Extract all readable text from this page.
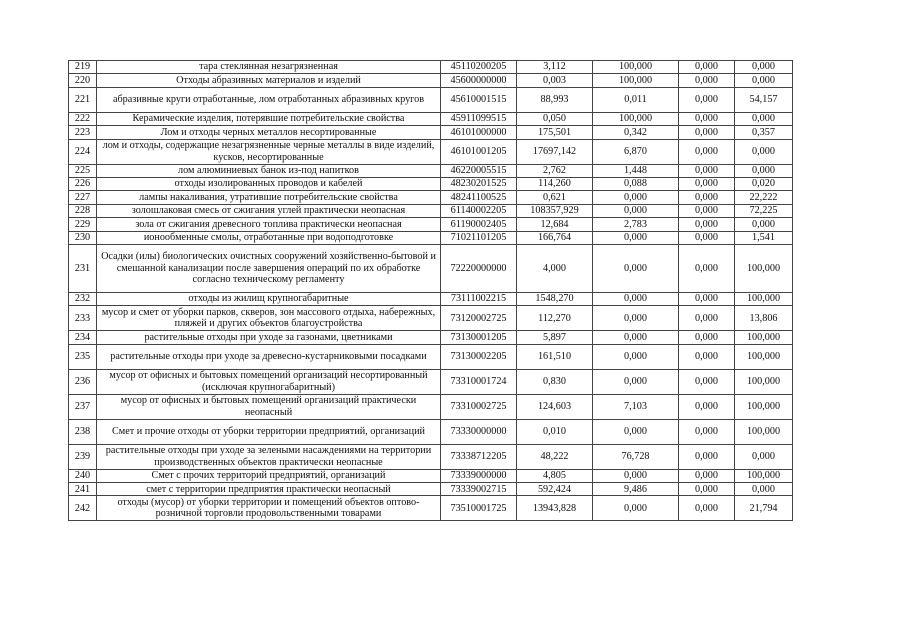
219	тара стеклянная незагрязненная	45110200205	3,112	100,000	0,000	0,000
220	Отходы абразивных материалов и изделий	45600000000	0,003	100,000	0,000	0,000
221	абразивные круги отработанные, лом отработанных абразивных кругов	45610001515	88,993	0,011	0,000	54,157
222	Керамические изделия, потерявшие потребительские свойства	45911099515	0,050	100,000	0,000	0,000
223	Лом и отходы черных металлов несортированные	46101000000	175,501	0,342	0,000	0,357
224	лом и отходы, содержащие незагрязненные черные металлы в виде изделий, кусков, несортированные	46101001205	17697,142	6,870	0,000	0,000
225	лом алюминиевых банок из-под напитков	46220005515	2,762	1,448	0,000	0,000
226	отходы изолированных проводов и кабелей	48230201525	114,260	0,088	0,000	0,020
227	лампы накаливания, утратившие потребительские свойства	48241100525	0,621	0,000	0,000	22,222
228	золошлаковая смесь от сжигания углей практически неопасная	61140002205	108357,929	0,000	0,000	72,225
229	зола от сжигания древесного топлива практически неопасная	61190002405	12,684	2,783	0,000	0,000
230	ионообменные смолы, отработанные при водоподготовке	71021101205	166,764	0,000	0,000	1,541
231	Осадки (илы) биологических очистных сооружений хозяйственно-бытовой и смешанной канализации после завершения операций по их обработке согласно техническому регламенту	72220000000	4,000	0,000	0,000	100,000
232	отходы из жилищ крупногабаритные	73111002215	1548,270	0,000	0,000	100,000
233	мусор и смет от уборки парков, скверов, зон массового отдыха, набережных, пляжей и других объектов благоустройства	73120002725	112,270	0,000	0,000	13,806
234	растительные отходы при уходе за газонами, цветниками	73130001205	5,897	0,000	0,000	100,000
235	растительные отходы при уходе за древесно-кустарниковыми посадками	73130002205	161,510	0,000	0,000	100,000
236	мусор от офисных и бытовых помещений организаций несортированный (исключая крупногабаритный)	73310001724	0,830	0,000	0,000	100,000
237	мусор от офисных и бытовых помещений организаций практически неопасный	73310002725	124,603	7,103	0,000	100,000
238	Смет и прочие отходы от уборки территории предприятий, организаций	73330000000	0,010	0,000	0,000	100,000
239	растительные отходы при уходе за зелеными насаждениями на территории производственных объектов практически неопасные	73338712205	48,222	76,728	0,000	0,000
240	Смет с прочих территорий предприятий, организаций	73339000000	4,805	0,000	0,000	100,000
241	смет с территории предприятия практически неопасный	73339002715	592,424	9,486	0,000	0,000
242	отходы (мусор) от уборки территории и помещений объектов оптово-розничной торговли продовольственными товарами	73510001725	13943,828	0,000	0,000	21,794
